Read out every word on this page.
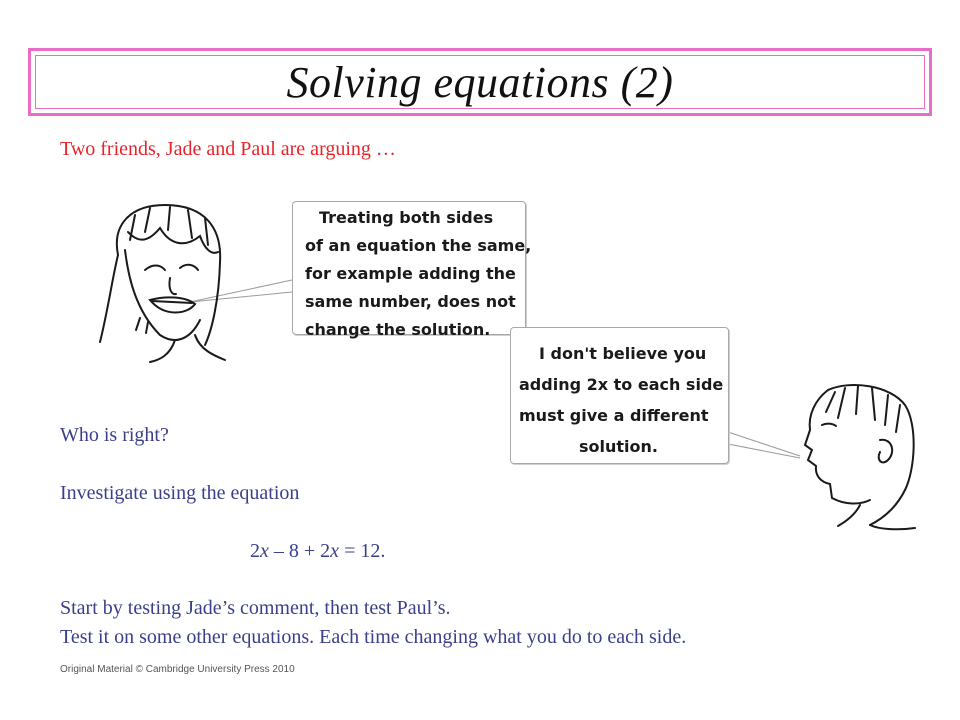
Solving equations (2)
Two friends, Jade and Paul are arguing …
Treating both sides
of an equation the same,
for example adding the
same number, does not
change the solution.
I don't believe you
adding 2x to each side
must give a different
solution.
Who is right?
Investigate using the equation
2x – 8 + 2x = 12.
Start by testing Jade’s comment, then test Paul’s.
Test it on some other equations. Each time changing what you do to each side.
Original Material © Cambridge University Press 2010
